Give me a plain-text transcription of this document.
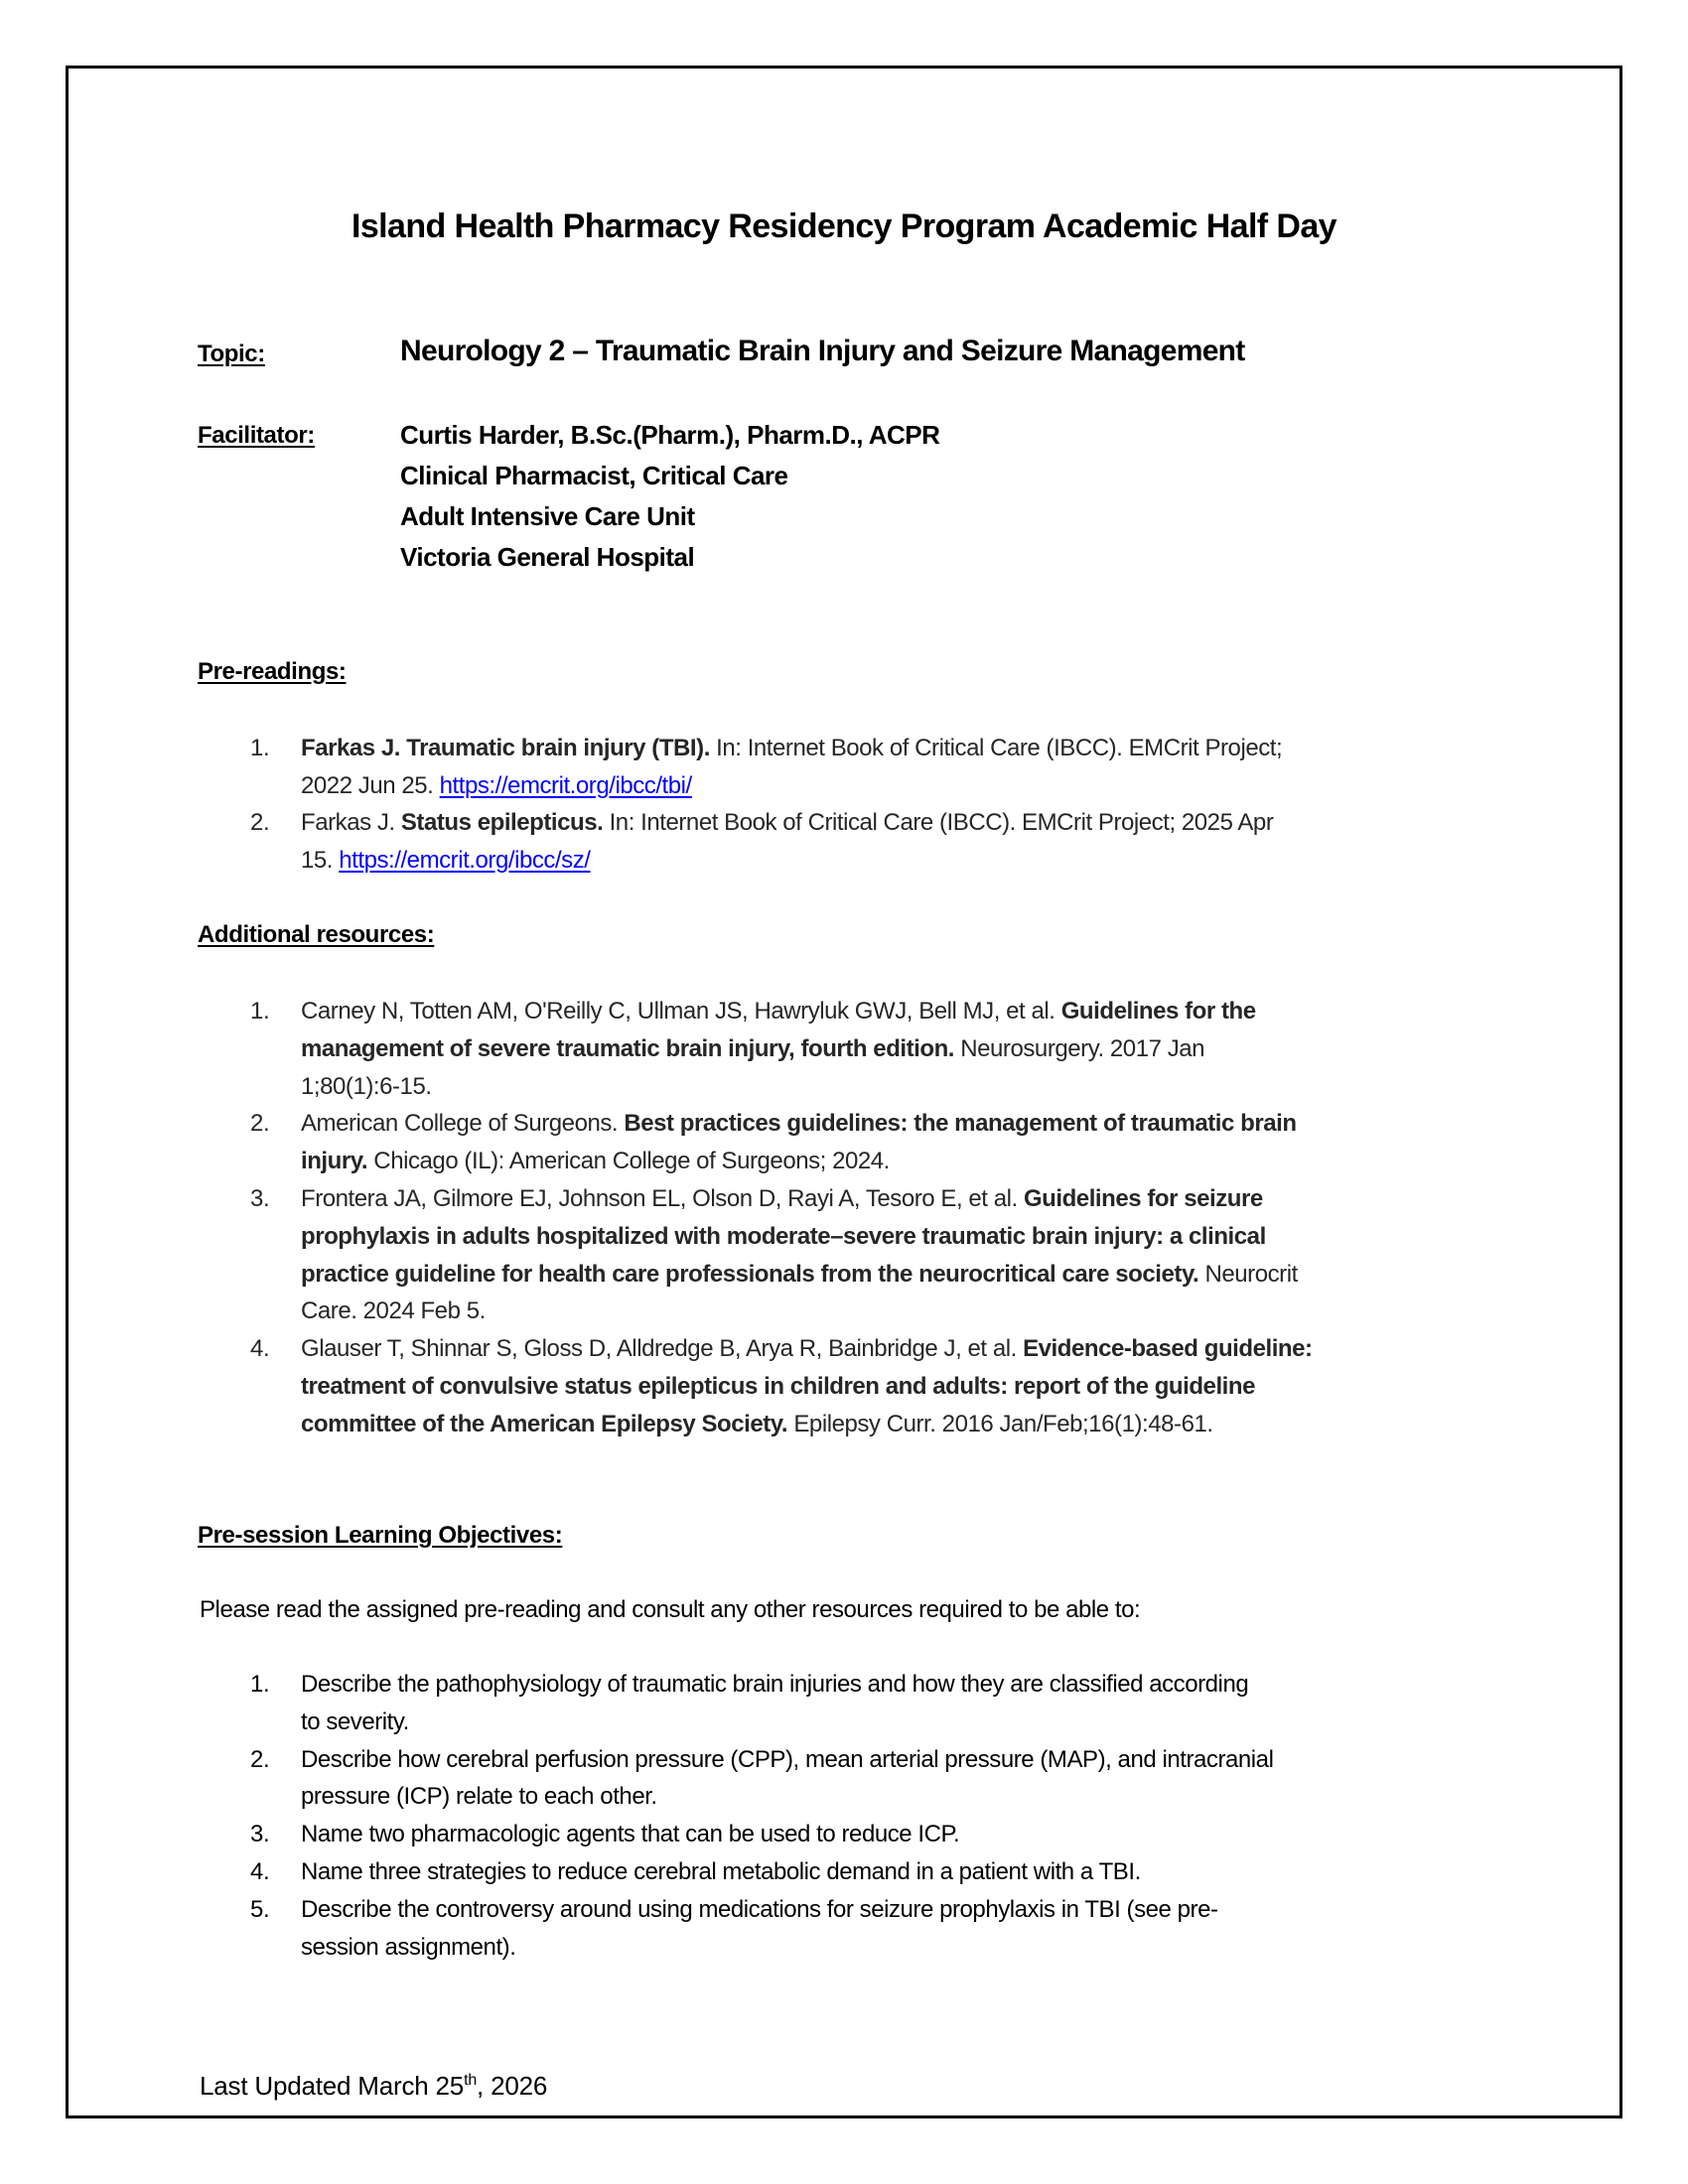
Island Health Pharmacy Residency Program Academic Half Day
Topic:	Neurology 2 – Traumatic Brain Injury and Seizure Management
Facilitator:	Curtis Harder, B.Sc.(Pharm.), Pharm.D., ACPR
Clinical Pharmacist, Critical Care
Adult Intensive Care Unit
Victoria General Hospital
Pre-readings:
1. Farkas J. Traumatic brain injury (TBI). In: Internet Book of Critical Care (IBCC). EMCrit Project;
2022 Jun 25. https://emcrit.org/ibcc/tbi/
2. Farkas J. Status epilepticus. In: Internet Book of Critical Care (IBCC). EMCrit Project; 2025 Apr
15. https://emcrit.org/ibcc/sz/
Additional resources:
1. Carney N, Totten AM, O'Reilly C, Ullman JS, Hawryluk GWJ, Bell MJ, et al. Guidelines for the
management of severe traumatic brain injury, fourth edition. Neurosurgery. 2017 Jan
1;80(1):6-15.
2. American College of Surgeons. Best practices guidelines: the management of traumatic brain
injury. Chicago (IL): American College of Surgeons; 2024.
3. Frontera JA, Gilmore EJ, Johnson EL, Olson D, Rayi A, Tesoro E, et al. Guidelines for seizure
prophylaxis in adults hospitalized with moderate–severe traumatic brain injury: a clinical
practice guideline for health care professionals from the neurocritical care society. Neurocrit
Care. 2024 Feb 5.
4. Glauser T, Shinnar S, Gloss D, Alldredge B, Arya R, Bainbridge J, et al. Evidence-based guideline:
treatment of convulsive status epilepticus in children and adults: report of the guideline
committee of the American Epilepsy Society. Epilepsy Curr. 2016 Jan/Feb;16(1):48-61.
Pre-session Learning Objectives:
Please read the assigned pre-reading and consult any other resources required to be able to:
1. Describe the pathophysiology of traumatic brain injuries and how they are classified according
to severity.
2. Describe how cerebral perfusion pressure (CPP), mean arterial pressure (MAP), and intracranial
pressure (ICP) relate to each other.
3. Name two pharmacologic agents that can be used to reduce ICP.
4. Name three strategies to reduce cerebral metabolic demand in a patient with a TBI.
5. Describe the controversy around using medications for seizure prophylaxis in TBI (see pre-
session assignment).
Last Updated March 25th, 2026
